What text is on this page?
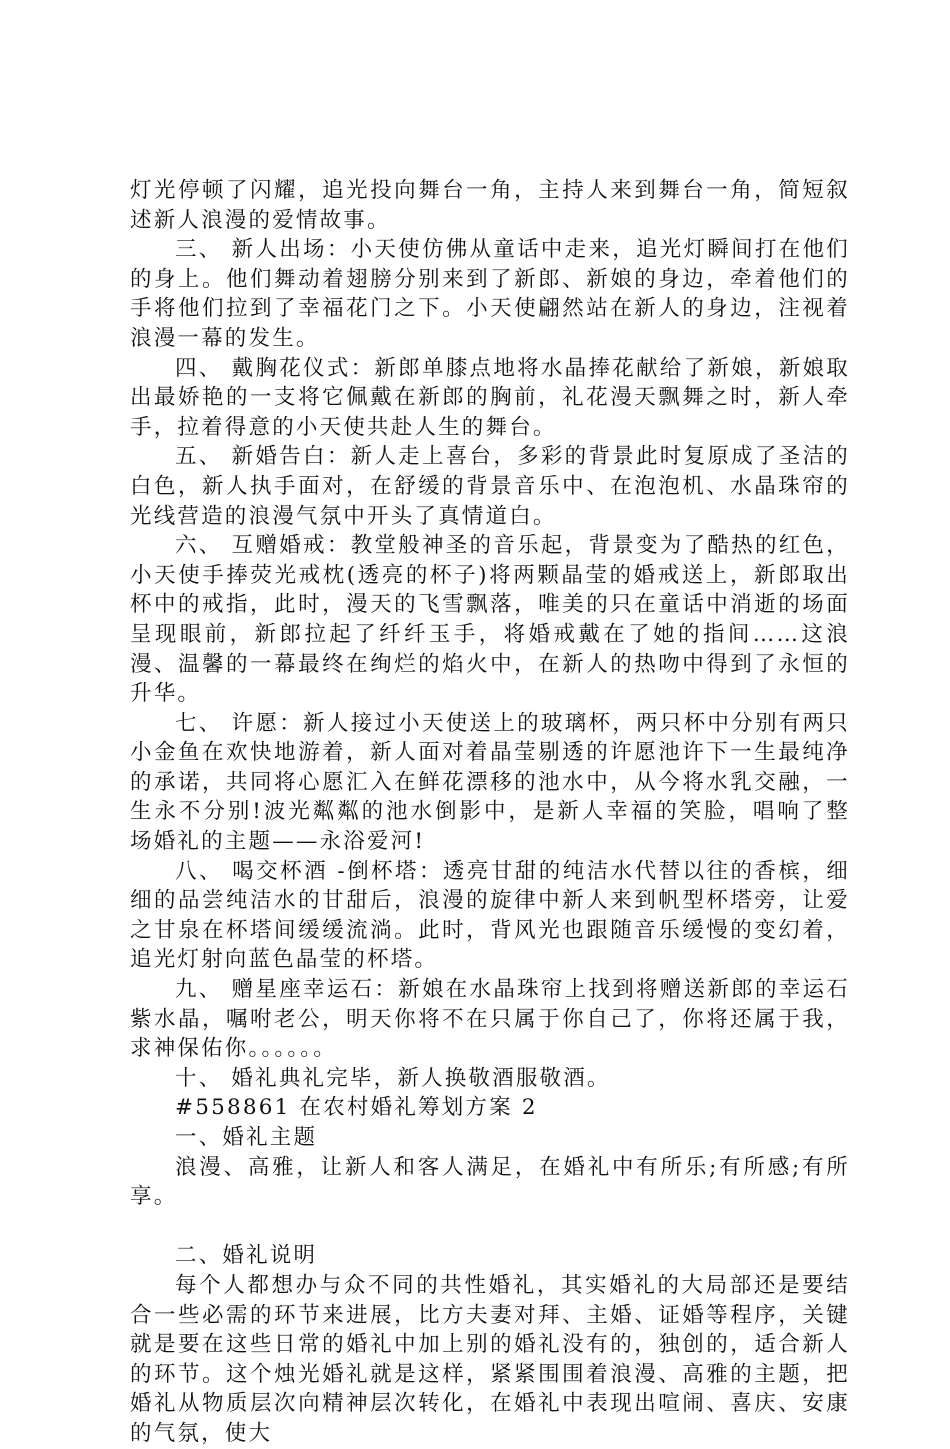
灯光停顿了闪耀，追光投向舞台一角，主持人来到舞台一角，简短叙述新人浪漫的爱情故事。

三、 新人出场：小天使仿佛从童话中走来，追光灯瞬间打在他们的身上。他们舞动着翅膀分别来到了新郎、新娘的身边，牵着他们的手将他们拉到了幸福花门之下。小天使翩然站在新人的身边，注视着浪漫一幕的发生。

四、 戴胸花仪式：新郎单膝点地将水晶捧花献给了新娘，新娘取出最娇艳的一支将它佩戴在新郎的胸前，礼花漫天飘舞之时，新人牵手，拉着得意的小天使共赴人生的舞台。

五、 新婚告白：新人走上喜台，多彩的背景此时复原成了圣洁的白色，新人执手面对，在舒缓的背景音乐中、在泡泡机、水晶珠帘的光线营造的浪漫气氛中开头了真情道白。

六、 互赠婚戒：教堂般神圣的音乐起，背景变为了酷热的红色，小天使手捧荧光戒枕(透亮的杯子)将两颗晶莹的婚戒送上，新郎取出杯中的戒指，此时，漫天的飞雪飘落，唯美的只在童话中消逝的场面呈现眼前，新郎拉起了纤纤玉手，将婚戒戴在了她的指间……这浪漫、温馨的一幕最终在绚烂的焰火中，在新人的热吻中得到了永恒的升华。

七、 许愿：新人接过小天使送上的玻璃杯，两只杯中分别有两只小金鱼在欢快地游着，新人面对着晶莹剔透的许愿池许下一生最纯净的承诺，共同将心愿汇入在鲜花漂移的池水中，从今将水乳交融，一生永不分别!波光粼粼的池水倒影中，是新人幸福的笑脸，唱响了整场婚礼的主题——永浴爱河!

八、 喝交杯酒 -倒杯塔：透亮甘甜的纯洁水代替以往的香槟，细细的品尝纯洁水的甘甜后，浪漫的旋律中新人来到帆型杯塔旁，让爱之甘泉在杯塔间缓缓流淌。此时，背风光也跟随音乐缓慢的变幻着，追光灯射向蓝色晶莹的杯塔。

九、 赠星座幸运石：新娘在水晶珠帘上找到将赠送新郎的幸运石紫水晶，嘱咐老公，明天你将不在只属于你自己了，你将还属于我，求神保佑你。。。。。。

十、 婚礼典礼完毕，新人换敬酒服敬酒。

#558861 在农村婚礼筹划方案 2

一、婚礼主题

浪漫、高雅，让新人和客人满足，在婚礼中有所乐;有所感;有所享。

二、婚礼说明

每个人都想办与众不同的共性婚礼，其实婚礼的大局部还是要结合一些必需的环节来进展，比方夫妻对拜、主婚、证婚等程序，关键就是要在这些日常的婚礼中加上别的婚礼没有的，独创的，适合新人的环节。这个烛光婚礼就是这样，紧紧围围着浪漫、高雅的主题，把婚礼从物质层次向精神层次转化，在婚礼中表现出喧闹、喜庆、安康的气氛，使大
